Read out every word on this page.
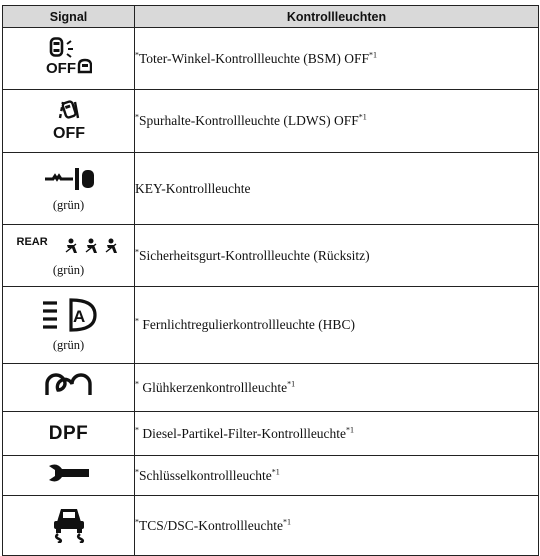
Signal	Kontrollleuchten

OFF	*Toter-Winkel-Kontrollleuchte (BSM) OFF$^{*1}$

OFF	*Spurhalte-Kontrollleuchte (LDWS) OFF$^{*1}$

(grün)	KEY-Kontrollleuchte

REAR
(grün)	*Sicherheitsgurt-Kontrollleuchte (Rücksitz)

A
(grün)	* Fernlichtregulierkontrollleuchte (HBC)
	* Glühkerzenkontrollleuchte$^{*1}$
DPF	* Diesel-Partikel-Filter-Kontrollleuchte$^{*1}$
	*Schlüsselkontrollleuchte$^{*1}$
	*TCS/DSC-Kontrollleuchte$^{*1}$
